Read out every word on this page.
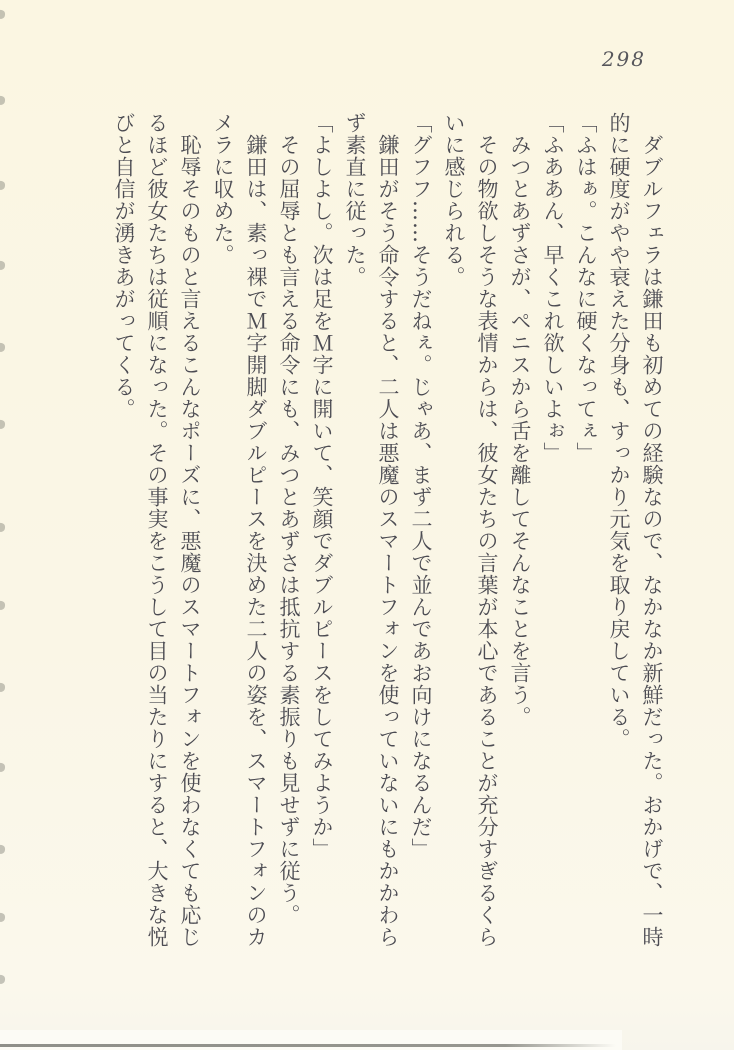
298

ダブルフェラは鎌田も初めての経験なので、なかなか新鮮だった。おかげで、一時的に硬度がやや衰えた分身も、すっかり元気を取り戻している。

「ふはぁ。こんなに硬くなってぇ」

「ふああん、早くこれ欲しいよぉ」

みつとあずさが、ペニスから舌を離してそんなことを言う。

その物欲しそうな表情からは、彼女たちの言葉が本心であることが充分すぎるくらいに感じられる。

「グフフ……そうだねぇ。じゃあ、まず二人で並んであお向けになるんだ」

鎌田がそう命令すると、二人は悪魔のスマートフォンを使っていないにもかかわらず素直に従った。

「よしよし。次は足をＭ字に開いて、笑顔でダブルピースをしてみようか」

その屈辱とも言える命令にも、みつとあずさは抵抗する素振りも見せずに従う。

鎌田は、素っ裸でＭ字開脚ダブルピースを決めた二人の姿を、スマートフォンのカメラに収めた。

恥辱そのものと言えるこんなポーズに、悪魔のスマートフォンを使わなくても応じるほど彼女たちは従順になった。その事実をこうして目の当たりにすると、大きな悦びと自信が湧きあがってくる。
